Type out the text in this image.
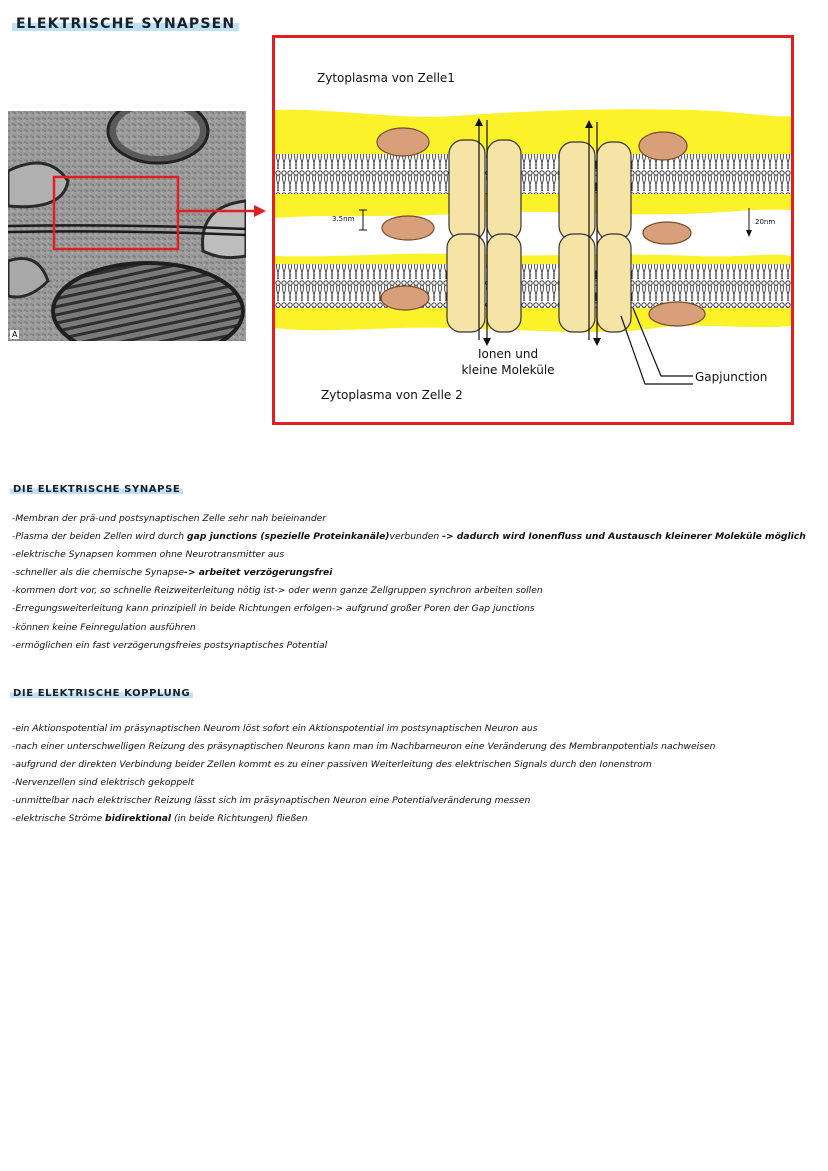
ELEKTRISCHE SYNAPSEN
A
Zytoplasma von Zelle1
Zytoplasma von Zelle 2
Ionen und
kleine Moleküle	Gapjunction
3.5nm	20nm
DIE ELEKTRISCHE SYNAPSE
-Membran der prä-und postsynaptischen Zelle sehr nah beieinander
-Plasma der beiden Zellen wird durch gap junctions (spezielle Proteinkanäle)verbunden -> dadurch wird Ionenfluss und Austausch kleinerer Moleküle möglich
-elektrische Synapsen kommen ohne Neurotransmitter aus
-schneller als die chemische Synapse-> arbeitet verzögerungsfrei
-kommen dort vor, so schnelle Reizweiterleitung nötig ist-> oder wenn ganze Zellgruppen synchron arbeiten sollen
-Erregungsweiterleitung kann prinzipiell in beide Richtungen erfolgen-> aufgrund großer Poren der Gap junctions
-können keine Feinregulation ausführen
-ermöglichen ein fast verzögerungsfreies postsynaptisches Potential
DIE ELEKTRISCHE KOPPLUNG
-ein Aktionspotential im präsynaptischen Neurom löst sofort ein Aktionspotential im postsynaptischen Neuron aus
-nach einer unterschwelligen Reizung des präsynaptischen Neurons kann man im Nachbarneuron eine Veränderung des Membranpotentials nachweisen
-aufgrund der direkten Verbindung beider Zellen kommt es zu einer passiven Weiterleitung des elektrischen Signals durch den Ionenstrom
-Nervenzellen sind elektrisch gekoppelt
-unmittelbar nach elektrischer Reizung lässt sich im präsynaptischen Neuron eine Potentialveränderung messen
-elektrische Ströme bidirektional (in beide Richtungen) fließen
